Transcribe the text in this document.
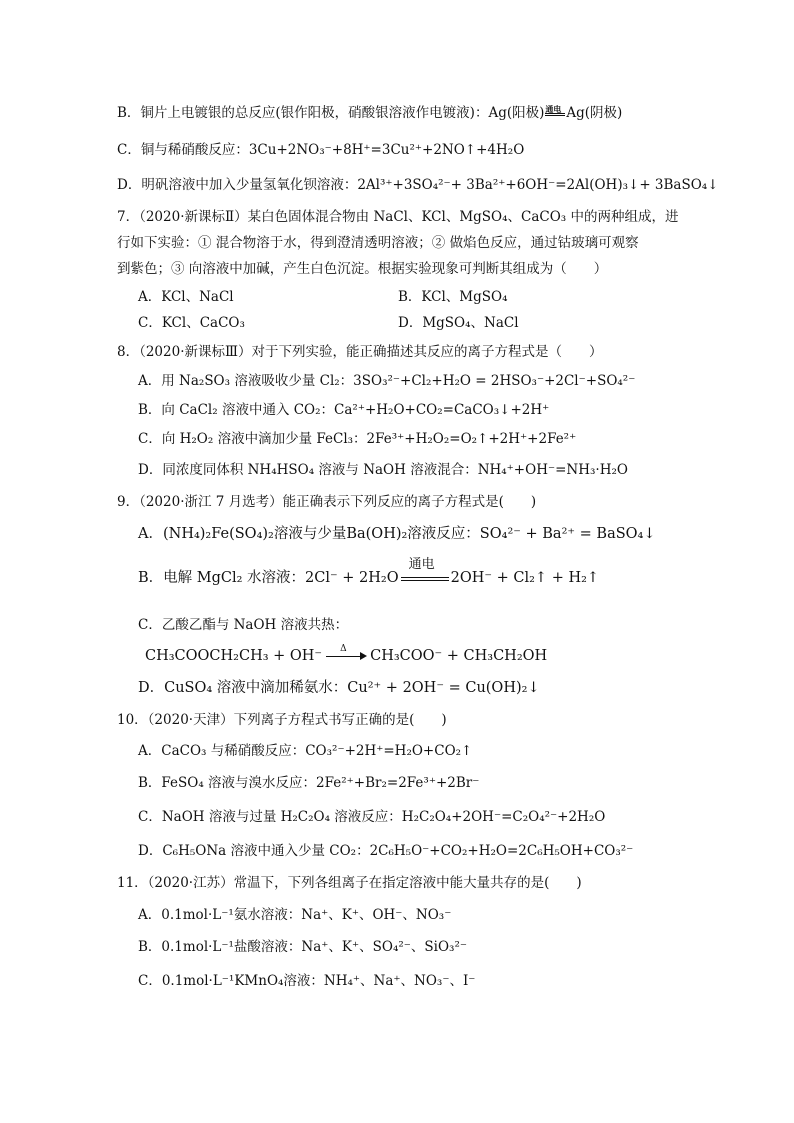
B．铜片上电镀银的总反应(银作阳极，硝酸银溶液作电镀液)：Ag(阳极) 通电 Ag(阴极)
C．铜与稀硝酸反应：3Cu+2NO₃⁻+8H⁺=3Cu²⁺+2NO↑+4H₂O
D．明矾溶液中加入少量氢氧化钡溶液：2Al³⁺+3SO₄²⁻+ 3Ba²⁺+6OH⁻=2Al(OH)₃↓+ 3BaSO₄↓
7．（2020·新课标Ⅱ）某白色固体混合物由 NaCl、KCl、MgSO₄、CaCO₃ 中的两种组成，进
行如下实验：① 混合物溶于水，得到澄清透明溶液；② 做焰色反应，通过钴玻璃可观察
到紫色；③ 向溶液中加碱，产生白色沉淀。根据实验现象可判断其组成为（　　）
A．KCl、NaCl	B．KCl、MgSO₄
C．KCl、CaCO₃	D．MgSO₄、NaCl
8．（2020·新课标Ⅲ）对于下列实验，能正确描述其反应的离子方程式是（　　）
A．用 Na₂SO₃ 溶液吸收少量 Cl₂：3SO₃²⁻+Cl₂+H₂O = 2HSO₃⁻+2Cl⁻+SO₄²⁻
B．向 CaCl₂ 溶液中通入 CO₂：Ca²⁺+H₂O+CO₂=CaCO₃↓+2H⁺
C．向 H₂O₂ 溶液中滴加少量 FeCl₃：2Fe³⁺+H₂O₂=O₂↑+2H⁺+2Fe²⁺
D．同浓度同体积 NH₄HSO₄ 溶液与 NaOH 溶液混合：NH₄⁺+OH⁻=NH₃·H₂O
9．（2020·浙江 7 月选考）能正确表示下列反应的离子方程式是(　　)
A．(NH₄)₂Fe(SO₄)₂溶液与少量Ba(OH)₂溶液反应：SO₄²⁻ + Ba²⁺ = BaSO₄↓
B．电解 MgCl₂ 水溶液：2Cl⁻ + 2H₂O
通电
2OH⁻ + Cl₂↑ + H₂↑
C．乙酸乙酯与 NaOH 溶液共热：
CH₃COOCH₂CH₃ + OH⁻ Δ CH₃COO⁻ + CH₃CH₂OH
D．CuSO₄ 溶液中滴加稀氨水：Cu²⁺ + 2OH⁻ = Cu(OH)₂↓
10．（2020·天津）下列离子方程式书写正确的是(　　)
A．CaCO₃ 与稀硝酸反应：CO₃²⁻+2H⁺=H₂O+CO₂↑
B．FeSO₄ 溶液与溴水反应：2Fe²⁺+Br₂=2Fe³⁺+2Br⁻
C．NaOH 溶液与过量 H₂C₂O₄ 溶液反应：H₂C₂O₄+2OH⁻=C₂O₄²⁻+2H₂O
D．C₆H₅ONa 溶液中通入少量 CO₂：2C₆H₅O⁻+CO₂+H₂O=2C₆H₅OH+CO₃²⁻
11．（2020·江苏）常温下，下列各组离子在指定溶液中能大量共存的是(　　)
A．0.1mol·L⁻¹氨水溶液：Na⁺、K⁺、OH⁻、NO₃⁻
B．0.1mol·L⁻¹盐酸溶液：Na⁺、K⁺、SO₄²⁻、SiO₃²⁻
C．0.1mol·L⁻¹KMnO₄溶液：NH₄⁺、Na⁺、NO₃⁻、I⁻
